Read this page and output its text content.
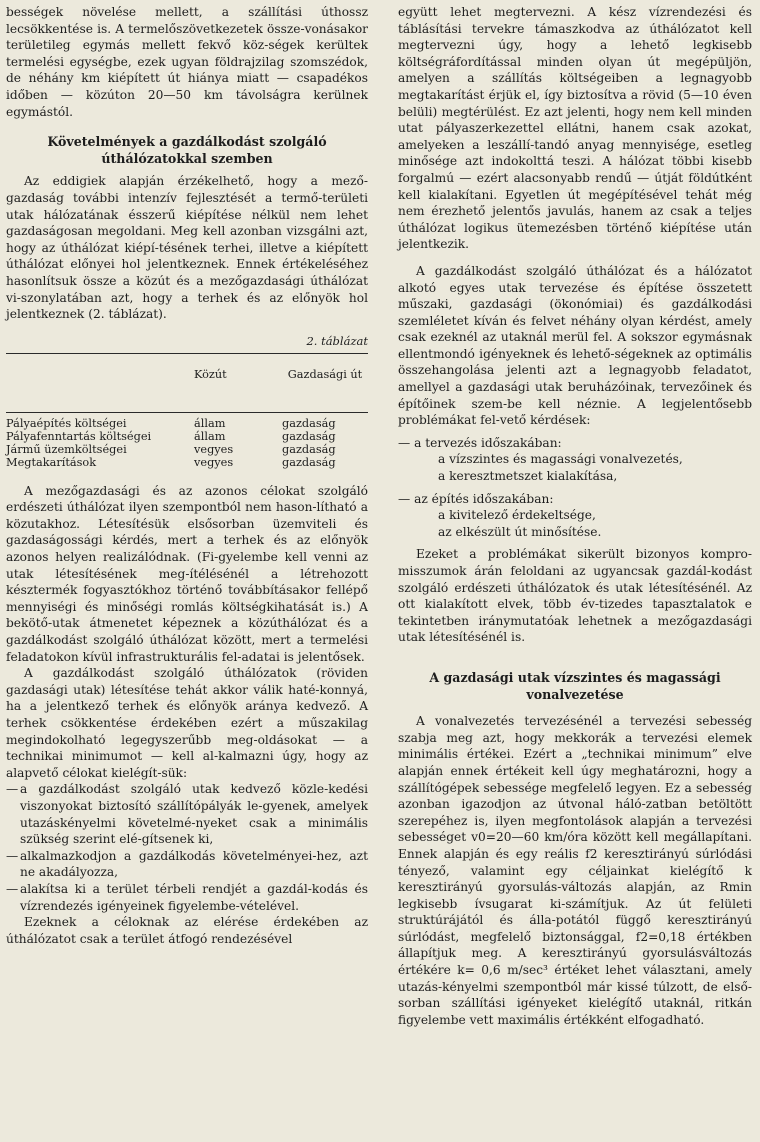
bességek növelése mellett, a szállítási úthossz lecsökkentése is. A termelőszövetkezetek össze-vonásakor területileg egymás mellett fekvő köz-ségek kerültek termelési egységbe, ezek ugyan földrajzilag szomszédok, de néhány km kiépített út hiánya miatt — csapadékos időben — közúton 20—50 km távolságra kerülnek egymástól.

Követelmények a gazdálkodást szolgáló úthálózatokkal szemben

Az eddigiek alapján érzékelhető, hogy a mező-gazdaság további intenzív fejlesztését a termő-területi utak hálózatának ésszerű kiépítése nélkül nem lehet gazdaságosan megoldani. Meg kell azonban vizsgálni azt, hogy az úthálózat kiépí-tésének terhei, illetve a kiépített úthálózat előnyei hol jelentkeznek. Ennek értékeléséhez hasonlítsuk össze a közút és a mezőgazdasági úthálózat vi-szonylatában azt, hogy a terhek és az előnyök hol jelentkeznek (2. táblázat).

2. táblázat
	Közút	Gazdasági út
Pályaépítés költségei	állam	gazdaság
Pályafenntartás költségei	állam	gazdaság
Jármű üzemköltségei	vegyes	gazdaság
Megtakarítások	vegyes	gazdaság

A mezőgazdasági és az azonos célokat szolgáló erdészeti úthálózat ilyen szempontból nem hason-lítható a közutakhoz. Létesítésük elsősorban üzemviteli és gazdaságossági kérdés, mert a terhek és az előnyök azonos helyen realizálódnak. (Fi-gyelembe kell venni az utak létesítésének meg-ítélésénél a létrehozott késztermék fogyasztókhoz történő továbbításakor fellépő mennyiségi és minőségi romlás költségkihatását is.) A bekötő-utak átmenetet képeznek a közúthálózat és a gazdálkodást szolgáló úthálózat között, mert a termelési feladatokon kívül infrastrukturális fel-adatai is jelentősek.

A gazdálkodást szolgáló úthálózatok (röviden gazdasági utak) létesítése tehát akkor válik haté-konnyá, ha a jelentkező terhek és előnyök aránya kedvező. A terhek csökkentése érdekében ezért a műszakilag megindokolható legegyszerűbb meg-oldásokat — a technikai minimumot — kell al-kalmazni úgy, hogy az alapvető célokat kielégít-sük:

— a gazdálkodást szolgáló utak kedvező közle-kedési viszonyokat biztosító szállítópályák le-gyenek, amelyek utazáskényelmi követelmé-nyeket csak a minimális szükség szerint elé-gítsenek ki,
— alkalmazkodjon a gazdálkodás követelményei-hez, azt ne akadályozza,
— alakítsa ki a terület térbeli rendjét a gazdál-kodás és vízrendezés igényeinek figyelembe-vételével.

Ezeknek a céloknak az elérése érdekében az úthálózatot csak a terület átfogó rendezésével

együtt lehet megtervezni. A kész vízrendezési és táblásítási tervekre támaszkodva az úthálózatot kell megtervezni úgy, hogy a lehető legkisebb költségráfordítással minden olyan út megépüljön, amelyen a szállítás költségeiben a legnagyobb megtakarítást érjük el, így biztosítva a rövid (5—10 éven belüli) megtérülést. Ez azt jelenti, hogy nem kell minden utat pályaszerkezettel ellátni, hanem csak azokat, amelyeken a leszállí-tandó anyag mennyisége, esetleg minősége azt indokolttá teszi. A hálózat többi kisebb forgalmú — ezért alacsonyabb rendű — útját földútként kell kialakítani. Egyetlen út megépítésével tehát még nem érezhető jelentős javulás, hanem az csak a teljes úthálózat logikus ütemezésben történő kiépítése után jelentkezik.

A gazdálkodást szolgáló úthálózat és a hálózatot alkotó egyes utak tervezése és építése összetett műszaki, gazdasági (ökonómiai) és gazdálkodási szemléletet kíván és felvet néhány olyan kérdést, amely csak ezeknél az utaknál merül fel. A sokszor egymásnak ellentmondó igényeknek és lehető-ségeknek az optimális összehangolása jelenti azt a legnagyobb feladatot, amellyel a gazdasági utak beruházóinak, tervezőinek és építőinek szem-be kell néznie. A legjelentősebb problémákat fel-vető kérdések:

— a tervezés időszakában:
a vízszintes és magassági vonalvezetés,
a keresztmetszet kialakítása,
— az építés időszakában:
a kivitelező érdekeltsége,
az elkészült út minősítése.

Ezeket a problémákat sikerült bizonyos kompro-misszumok árán feloldani az ugyancsak gazdál-kodást szolgáló erdészeti úthálózatok és utak létesítésénél. Az ott kialakított elvek, több év-tizedes tapasztalatok e tekintetben iránymutatóak lehetnek a mezőgazdasági utak létesítésénél is.

A gazdasági utak vízszintes és magassági vonalvezetése

A vonalvezetés tervezésénél a tervezési sebesség szabja meg azt, hogy mekkorák a tervezési elemek minimális értékei. Ezért a „technikai minimum” elve alapján ennek értékeit kell úgy meghatározni, hogy a szállítógépek sebessége megfelelő legyen. Ez a sebesség azonban igazodjon az útvonal háló-zatban betöltött szerepéhez is, ilyen megfontolások alapján a tervezési sebességet v0=20—60 km/óra között kell megállapítani. Ennek alapján és egy reális f2 keresztirányú súrlódási tényező, valamint egy céljainkat kielégítő k keresztirányú gyorsulás-változás alapján, az Rmin legkisebb ívsugarat ki-számítjuk. Az út felületi struktúrájától és álla-potától függő keresztirányú súrlódást, megfelelő biztonsággal, f2=0,18 értékben állapítjuk meg. A keresztirányú gyorsulásváltozás értékére k= 0,6 m/sec³ értéket lehet választani, amely utazás-kényelmi szempontból már kissé túlzott, de első-sorban szállítási igényeket kielégítő utaknál, ritkán figyelembe vett maximális értékként elfogadható.
